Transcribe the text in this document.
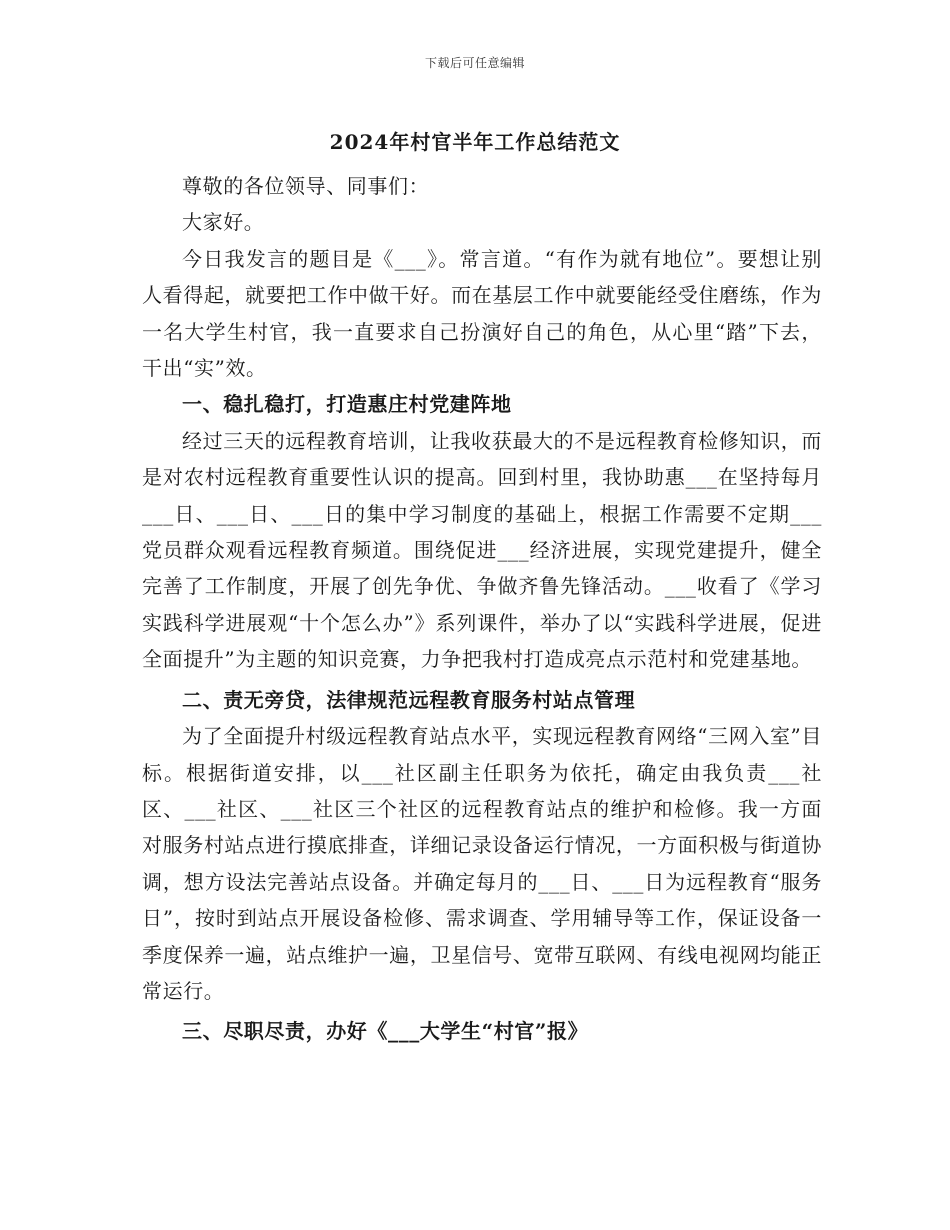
下载后可任意编辑
2024年村官半年工作总结范文

尊敬的各位领导、同事们：

大家好。

今日我发言的题目是《___》。常言道。“有作为就有地位”。要想让别人看得起，就要把工作中做干好。而在基层工作中就要能经受住磨练，作为一名大学生村官，我一直要求自己扮演好自己的角色，从心里“踏”下去，干出“实”效。

一、稳扎稳打，打造惠庄村党建阵地

经过三天的远程教育培训，让我收获最大的不是远程教育检修知识，而是对农村远程教育重要性认识的提高。回到村里，我协助惠___在坚持每月___日、___日、___日的集中学习制度的基础上，根据工作需要不定期___党员群众观看远程教育频道。围绕促进___经济进展，实现党建提升，健全完善了工作制度，开展了创先争优、争做齐鲁先锋活动。___收看了《学习实践科学进展观“十个怎么办”》系列课件，举办了以“实践科学进展，促进全面提升”为主题的知识竞赛，力争把我村打造成亮点示范村和党建基地。

二、责无旁贷，法律规范远程教育服务村站点管理

为了全面提升村级远程教育站点水平，实现远程教育网络“三网入室”目标。根据街道安排，以___社区副主任职务为依托，确定由我负责___社区、___社区、___社区三个社区的远程教育站点的维护和检修。我一方面对服务村站点进行摸底排查，详细记录设备运行情况，一方面积极与街道协调，想方设法完善站点设备。并确定每月的___日、___日为远程教育“服务日”，按时到站点开展设备检修、需求调查、学用辅导等工作，保证设备一季度保养一遍，站点维护一遍，卫星信号、宽带互联网、有线电视网均能正常运行。

三、尽职尽责，办好《___大学生“村官”报》
